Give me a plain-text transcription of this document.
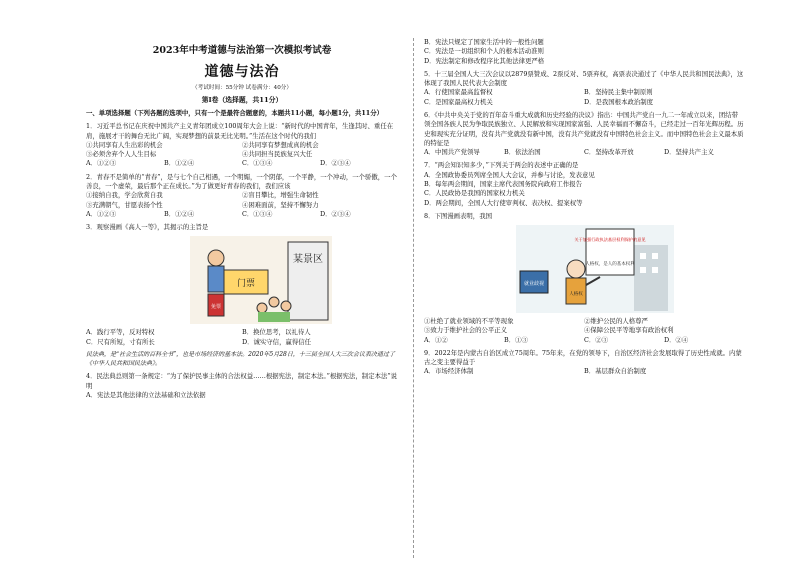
2023年中考道德与法治第一次模拟考试卷
道德与法治
（考试时间：55分钟 试卷满分：40分）
第Ⅰ卷（选择题，共11分）

一、单项选择题（下列各题的选项中，只有一个是最符合题意的，本题共11小题，每小题1分，共11分）

1．习近平总书记在庆祝中国共产主义青年团成立100周年大会上说：“新时代的中国青年，生逢其时、重任在肩，施展才干的舞台无比广阔，实现梦想的前景无比光明。”生活在这个时代的我们

①共同享有人生出彩的机会	②共同享有梦想成真的机会
③必须舍弃个人人生目标	④共同担当民族复兴大任
A．①②③	B．①②④	C．①③④	D．②③④

2．青春不是简单的“青春”，是与七个自己相遇，一个明媚，一个阴郁，一个平静，一个冲动，一个骄傲，一个善良，一个虚荣，最后那个正在成长。”为了做更好青春的我们，我们应该

①接纳自我，学会欣赏自我	②盲目攀比，增强生命韧性
③充满朝气，甘愿表扬个性	④困难面前，坚持不懈努力
A．①②③	B．①②④	C．①③④	D．②③④

3．观察漫画《高人一等》，其揭示的主旨是

某景区
门票
免票
A．践行平等，反对特权	B．换位思考，以礼待人
C．尺有所短，寸有所长	D．诚实守信，赢得信任

民法典，是“社会生活的百科全书”，也是市场经济的基本法。2020年5月28日，十三届全国人大三次会议表决通过了《中华人民共和国民法典》。

4．民法典总则第一条规定：“为了保护民事主体的合法权益……根据宪法，制定本法。”根据宪法，制定本法”说明

A．宪法是其他法律的立法基础和立法依据

B．宪法只规定了国家生活中的一般性问题

C．宪法是一切组织和个人的根本活动准则

D．宪法制定和修改程序比其他法律更严格

5．十三届全国人大三次会议以2879票赞成、2票反对、5票弃权，高票表决通过了《中华人民共和国民法典》，这体现了我国人民代表大会制度

A．行使国家最高监督权	B．坚持民主集中制原则
C．是国家最高权力机关	D．是我国根本政治制度

6．《中共中央关于党的百年奋斗重大成就和历史经验的决议》指出：中国共产党自一九二一年成立以来，团结带领全国各族人民为争取民族独立、人民解放和实现国家富强、人民幸福而不懈奋斗，已经走过一百年光辉历程。历史和现实充分证明，没有共产党就没有新中国，没有共产党就没有中国特色社会主义。而中国特色社会主义最本质的特征是

A．中国共产党领导	B．依法治国	C．坚持改革开放	D．坚持共产主义

7．“两会知识知多少，”下列关于两会的表述中正确的是

A．全国政协委员列席全国人大会议，并参与讨论，发表意见

B．每年两会期间，国家主席代表国务院向政府工作报告

C．人民政协是我国的国家权力机关

D．两会期间，全国人大行使审判权、表决权、提案权等

8．下图漫画表明，我国

关于加强行政执法基层权利保护的意见
人格权，是人的基本权利
就业歧视
人格权
①杜绝了就业领域的不平等现象	②维护公民的人格尊严
③致力于维护社会的公平正义	④保障公民平等地享有政治权利
A．①②	B．①③	C．②③	D．②④

9．2022年是内蒙古自治区成立75周年。75年来，在党的领导下，自治区经济社会发展取得了历史性成就。内蒙古之变主要得益于

A．市场经济体制	B．基层群众自治制度
